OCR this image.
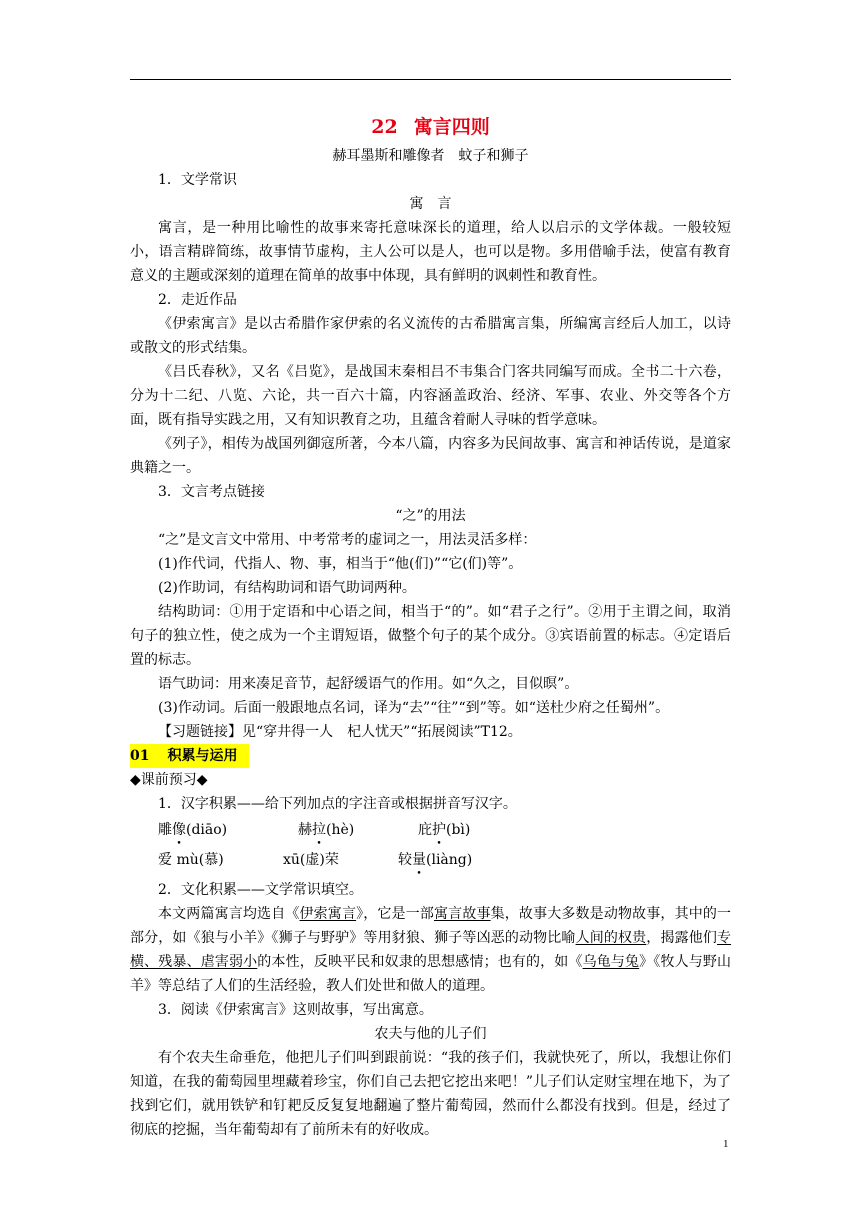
22 寓言四则
赫耳墨斯和雕像者　蚊子和狮子
1．文学常识
寓　言
寓言，是一种用比喻性的故事来寄托意味深长的道理，给人以启示的文学体裁。一般较短小，语言精辟简练，故事情节虚构，主人公可以是人，也可以是物。多用借喻手法，使富有教育意义的主题或深刻的道理在简单的故事中体现，具有鲜明的讽刺性和教育性。
2．走近作品
《伊索寓言》是以古希腊作家伊索的名义流传的古希腊寓言集，所编寓言经后人加工，以诗或散文的形式结集。
《吕氏春秋》，又名《吕览》，是战国末秦相吕不韦集合门客共同编写而成。全书二十六卷，分为十二纪、八览、六论，共一百六十篇，内容涵盖政治、经济、军事、农业、外交等各个方面，既有指导实践之用，又有知识教育之功，且蕴含着耐人寻味的哲学意味。
《列子》，相传为战国列御寇所著，今本八篇，内容多为民间故事、寓言和神话传说，是道家典籍之一。
3．文言考点链接
“之”的用法
“之”是文言文中常用、中考常考的虚词之一，用法灵活多样：
(1)作代词，代指人、物、事，相当于“他(们)”“它(们)等”。
(2)作助词，有结构助词和语气助词两种。
结构助词：①用于定语和中心语之间，相当于“的”。如“君子之行”。②用于主谓之间，取消句子的独立性，使之成为一个主谓短语，做整个句子的某个成分。③宾语前置的标志。④定语后置的标志。
语气助词：用来凑足音节，起舒缓语气的作用。如“久之，目似暝”。
(3)作动词。后面一般跟地点名词，译为“去”“往”“到”等。如“送杜少府之任蜀州”。
【习题链接】见“穿井得一人　杞人忧天”“拓展阅读”T12。
01 积累与运用
◆课前预习◆
1．汉字积累——给下列加点的字注音或根据拼音写汉字。
雕像(diāo)	赫拉(hè)	庇护(bì)
爱 mù(慕)	xū(虚)荣	较量(liàng)
2．文化积累——文学常识填空。
本文两篇寓言均选自《伊索寓言》，它是一部寓言故事集，故事大多数是动物故事，其中的一部分，如《狼与小羊》《狮子与野驴》等用豺狼、狮子等凶恶的动物比喻人间的权贵，揭露他们专横、残暴、虐害弱小的本性，反映平民和奴隶的思想感情；也有的，如《乌龟与兔》《牧人与野山羊》等总结了人们的生活经验，教人们处世和做人的道理。
3．阅读《伊索寓言》这则故事，写出寓意。
农夫与他的儿子们
有个农夫生命垂危，他把儿子们叫到跟前说：“我的孩子们，我就快死了，所以，我想让你们知道，在我的葡萄园里埋藏着珍宝，你们自己去把它挖出来吧！”儿子们认定财宝埋在地下，为了找到它们，就用铁铲和钉耙反反复复地翻遍了整片葡萄园，然而什么都没有找到。但是，经过了彻底的挖掘，当年葡萄却有了前所未有的好收成。
1
